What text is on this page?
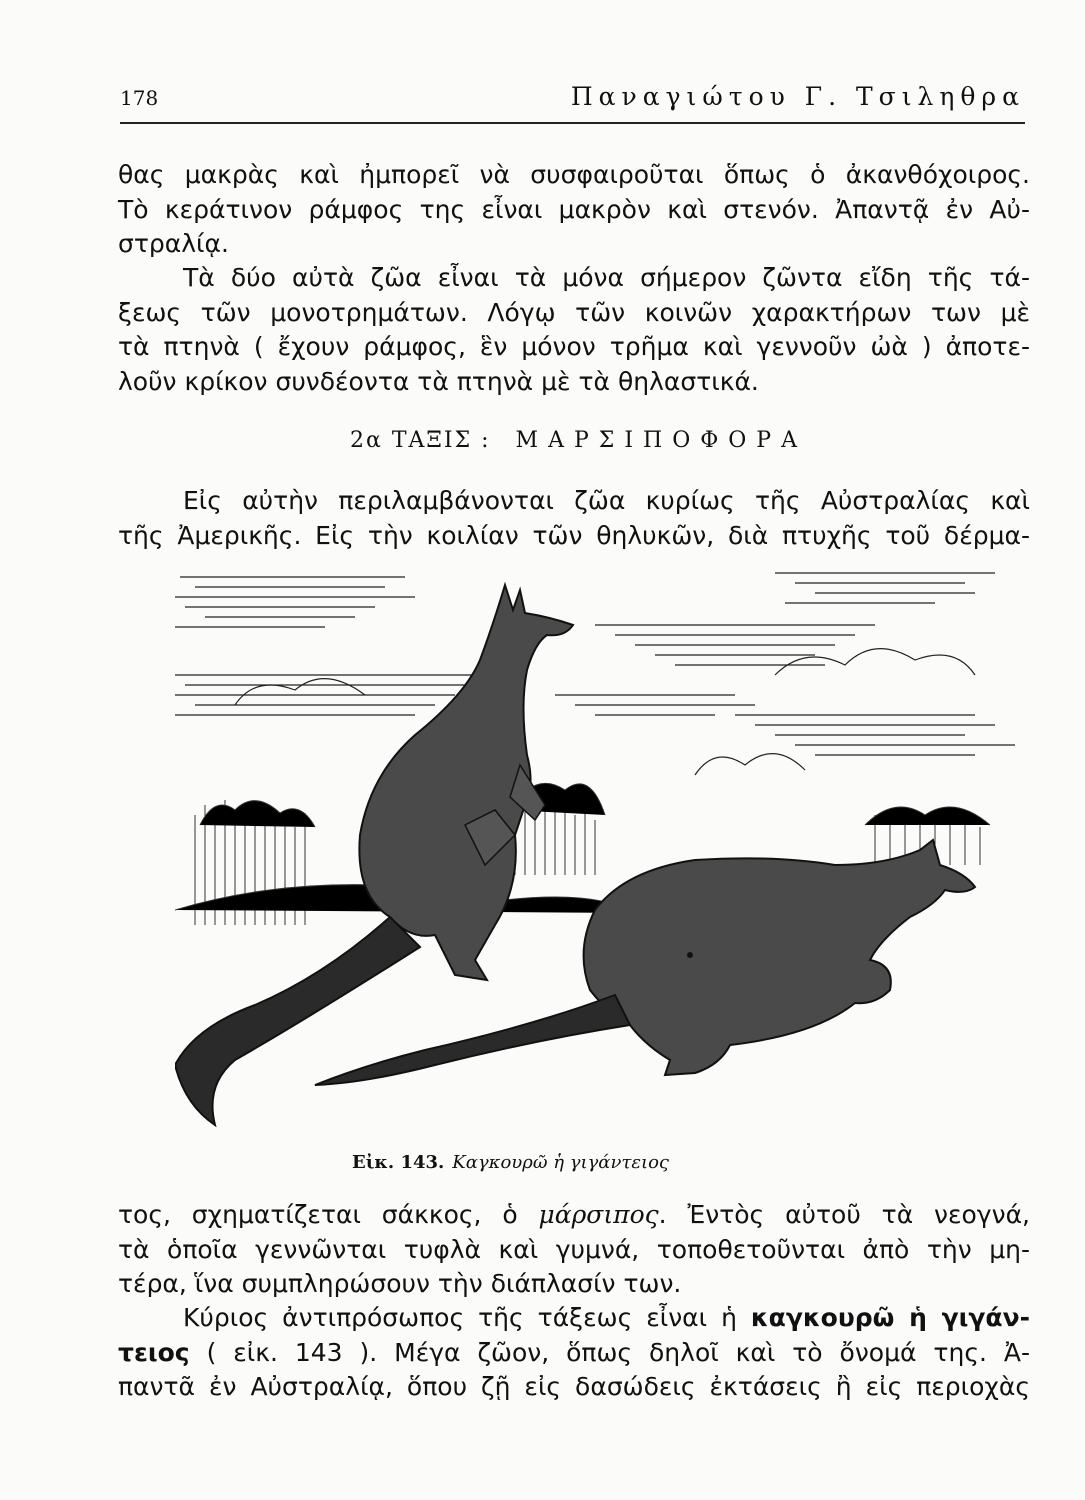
178	Παναγιώτου Γ. Τσιληθρα
θας μακρὰς καὶ ἠμπορεῖ νὰ συσφαιροῦται ὅπως ὁ ἀκανθόχοιρος.
Τὸ κεράτινον ράμφος της εἶναι μακρὸν καὶ στενόν. Ἀπαντᾷ ἐν Αὐ-
στραλίᾳ.
Τὰ δύο αὐτὰ ζῶα εἶναι τὰ μόνα σήμερον ζῶντα εἴδη τῆς τά-
ξεως τῶν μονοτρημάτων. Λόγῳ τῶν κοινῶν χαρακτήρων των μὲ
τὰ πτηνὰ ( ἔχουν ράμφος, ἓν μόνον τρῆμα καὶ γεννοῦν ὠὰ ) ἀποτε-
λοῦν κρίκον συνδέοντα τὰ πτηνὰ μὲ τὰ θηλαστικά.
2α ΤΑΞΙΣ : ΜΑΡΣΙΠΟΦΟΡΑ
Εἰς αὐτὴν περιλαμβάνονται ζῶα κυρίως τῆς Αὐστραλίας καὶ
τῆς Ἀμερικῆς. Εἰς τὴν κοιλίαν τῶν θηλυκῶν, διὰ πτυχῆς τοῦ δέρμα-
Εἰκ. 143. Καγκουρῶ ἡ γιγάντειος
τος, σχηματίζεται σάκκος, ὁ μάρσιπος. Ἐντὸς αὐτοῦ τὰ νεογνά,
τὰ ὁποῖα γεννῶνται τυφλὰ καὶ γυμνά, τοποθετοῦνται ἀπὸ τὴν μη-
τέρα, ἵνα συμπληρώσουν τὴν διάπλασίν των.
Κύριος ἀντιπρόσωπος τῆς τάξεως εἶναι ἡ καγκουρῶ ἡ γιγάν-
τειος ( εἰκ. 143 ). Μέγα ζῶον, ὅπως δηλοῖ καὶ τὸ ὄνομά της. Ἀ-
παντᾶ ἐν Αὐστραλίᾳ, ὅπου ζῇ εἰς δασώδεις ἐκτάσεις ἢ εἰς περιοχὰς
